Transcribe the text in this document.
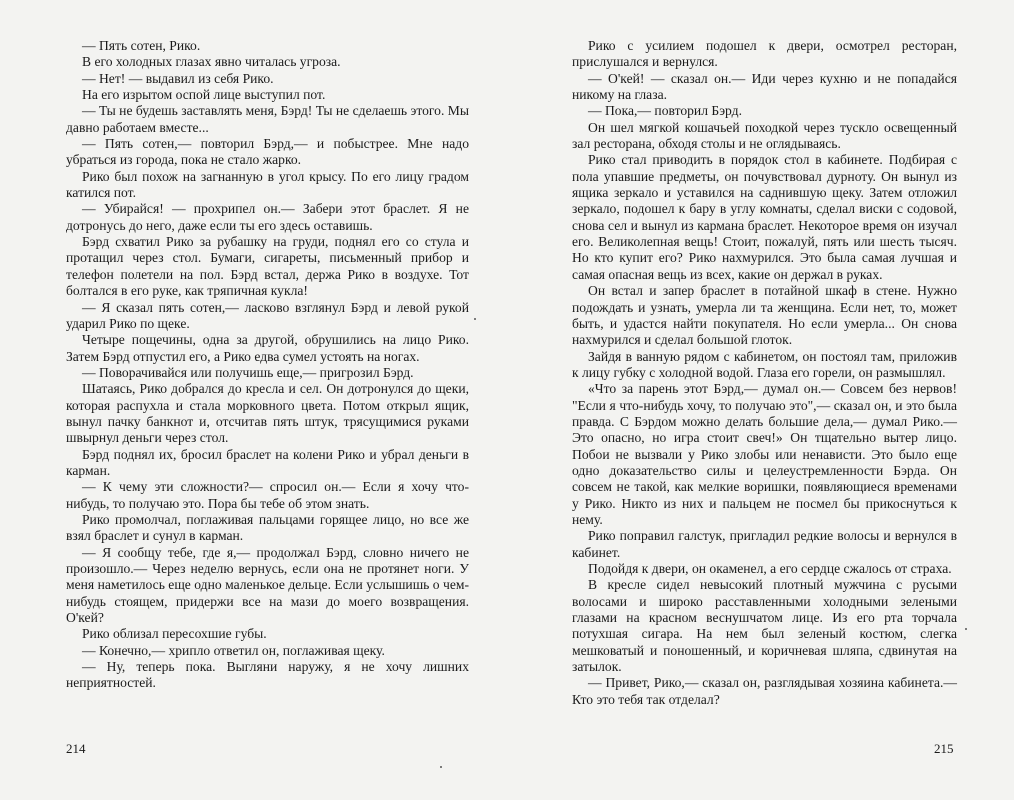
— Пять сотен, Рико.

В его холодных глазах явно читалась угроза.

— Нет! — выдавил из себя Рико.

На его изрытом оспой лице выступил пот.

— Ты не будешь заставлять меня, Бэрд! Ты не сделаешь этого. Мы давно работаем вместе...

— Пять сотен,— повторил Бэрд,— и побыстрее. Мне надо убраться из города, пока не стало жарко.

Рико был похож на загнанную в угол крысу. По его лицу градом катился пот.

— Убирайся! — прохрипел он.— Забери этот браслет. Я не дотронусь до него, даже если ты его здесь оставишь.

Бэрд схватил Рико за рубашку на груди, поднял его со стула и протащил через стол. Бумаги, сигареты, письменный прибор и телефон полетели на пол. Бэрд встал, держа Рико в воздухе. Тот болтался в его руке, как тряпичная кукла!

— Я сказал пять сотен,— ласково взглянул Бэрд и левой рукой ударил Рико по щеке.

Четыре пощечины, одна за другой, обрушились на лицо Рико. Затем Бэрд отпустил его, а Рико едва сумел устоять на ногах.

— Поворачивайся или получишь еще,— пригрозил Бэрд.

Шатаясь, Рико добрался до кресла и сел. Он дотронулся до щеки, которая распухла и стала морковного цвета. Потом открыл ящик, вынул пачку банкнот и, отсчитав пять штук, трясущимися руками швырнул деньги через стол.

Бэрд поднял их, бросил браслет на колени Рико и убрал деньги в карман.

— К чему эти сложности?— спросил он.— Если я хочу что-нибудь, то получаю это. Пора бы тебе об этом знать.

Рико промолчал, поглаживая пальцами горящее лицо, но все же взял браслет и сунул в карман.

— Я сообщу тебе, где я,— продолжал Бэрд, словно ничего не произошло.— Через неделю вернусь, если она не протянет ноги. У меня наметилось еще одно маленькое дельце. Если услышишь о чем-нибудь стоящем, придержи все на мази до моего возвращения. О'кей?

Рико облизал пересохшие губы.

— Конечно,— хрипло ответил он, поглаживая щеку.

— Ну, теперь пока. Выгляни наружу, я не хочу лишних неприятностей.

214

Рико с усилием подошел к двери, осмотрел ресторан, прислушался и вернулся.

— О'кей! — сказал он.— Иди через кухню и не попадайся никому на глаза.

— Пока,— повторил Бэрд.

Он шел мягкой кошачьей походкой через тускло освещенный зал ресторана, обходя столы и не оглядываясь.

Рико стал приводить в порядок стол в кабинете. Подбирая с пола упавшие предметы, он почувствовал дурноту. Он вынул из ящика зеркало и уставился на саднившую щеку. Затем отложил зеркало, подошел к бару в углу комнаты, сделал виски с содовой, снова сел и вынул из кармана браслет. Некоторое время он изучал его. Великолепная вещь! Стоит, пожалуй, пять или шесть тысяч. Но кто купит его? Рико нахмурился. Это была самая лучшая и самая опасная вещь из всех, какие он держал в руках.

Он встал и запер браслет в потайной шкаф в стене. Нужно подождать и узнать, умерла ли та женщина. Если нет, то, может быть, и удастся найти покупателя. Но если умерла... Он снова нахмурился и сделал большой глоток.

Зайдя в ванную рядом с кабинетом, он постоял там, приложив к лицу губку с холодной водой. Глаза его горели, он размышлял.

«Что за парень этот Бэрд,— думал он.— Совсем без нервов! "Если я что-нибудь хочу, то получаю это",— сказал он, и это была правда. С Бэрдом можно делать большие дела,— думал Рико.— Это опасно, но игра стоит свеч!» Он тщательно вытер лицо. Побои не вызвали у Рико злобы или ненависти. Это было еще одно доказательство силы и целеустремленности Бэрда. Он совсем не такой, как мелкие воришки, появляющиеся временами у Рико. Никто из них и пальцем не посмел бы прикоснуться к нему.

Рико поправил галстук, пригладил редкие волосы и вернулся в кабинет.

Подойдя к двери, он окаменел, а его сердце сжалось от страха.

В кресле сидел невысокий плотный мужчина с русыми волосами и широко расставленными холодными зелеными глазами на красном веснушчатом лице. Из его рта торчала потухшая сигара. На нем был зеленый костюм, слегка мешковатый и поношенный, и коричневая шляпа, сдвинутая на затылок.

— Привет, Рико,— сказал он, разглядывая хозяина кабинета.— Кто это тебя так отделал?

215
